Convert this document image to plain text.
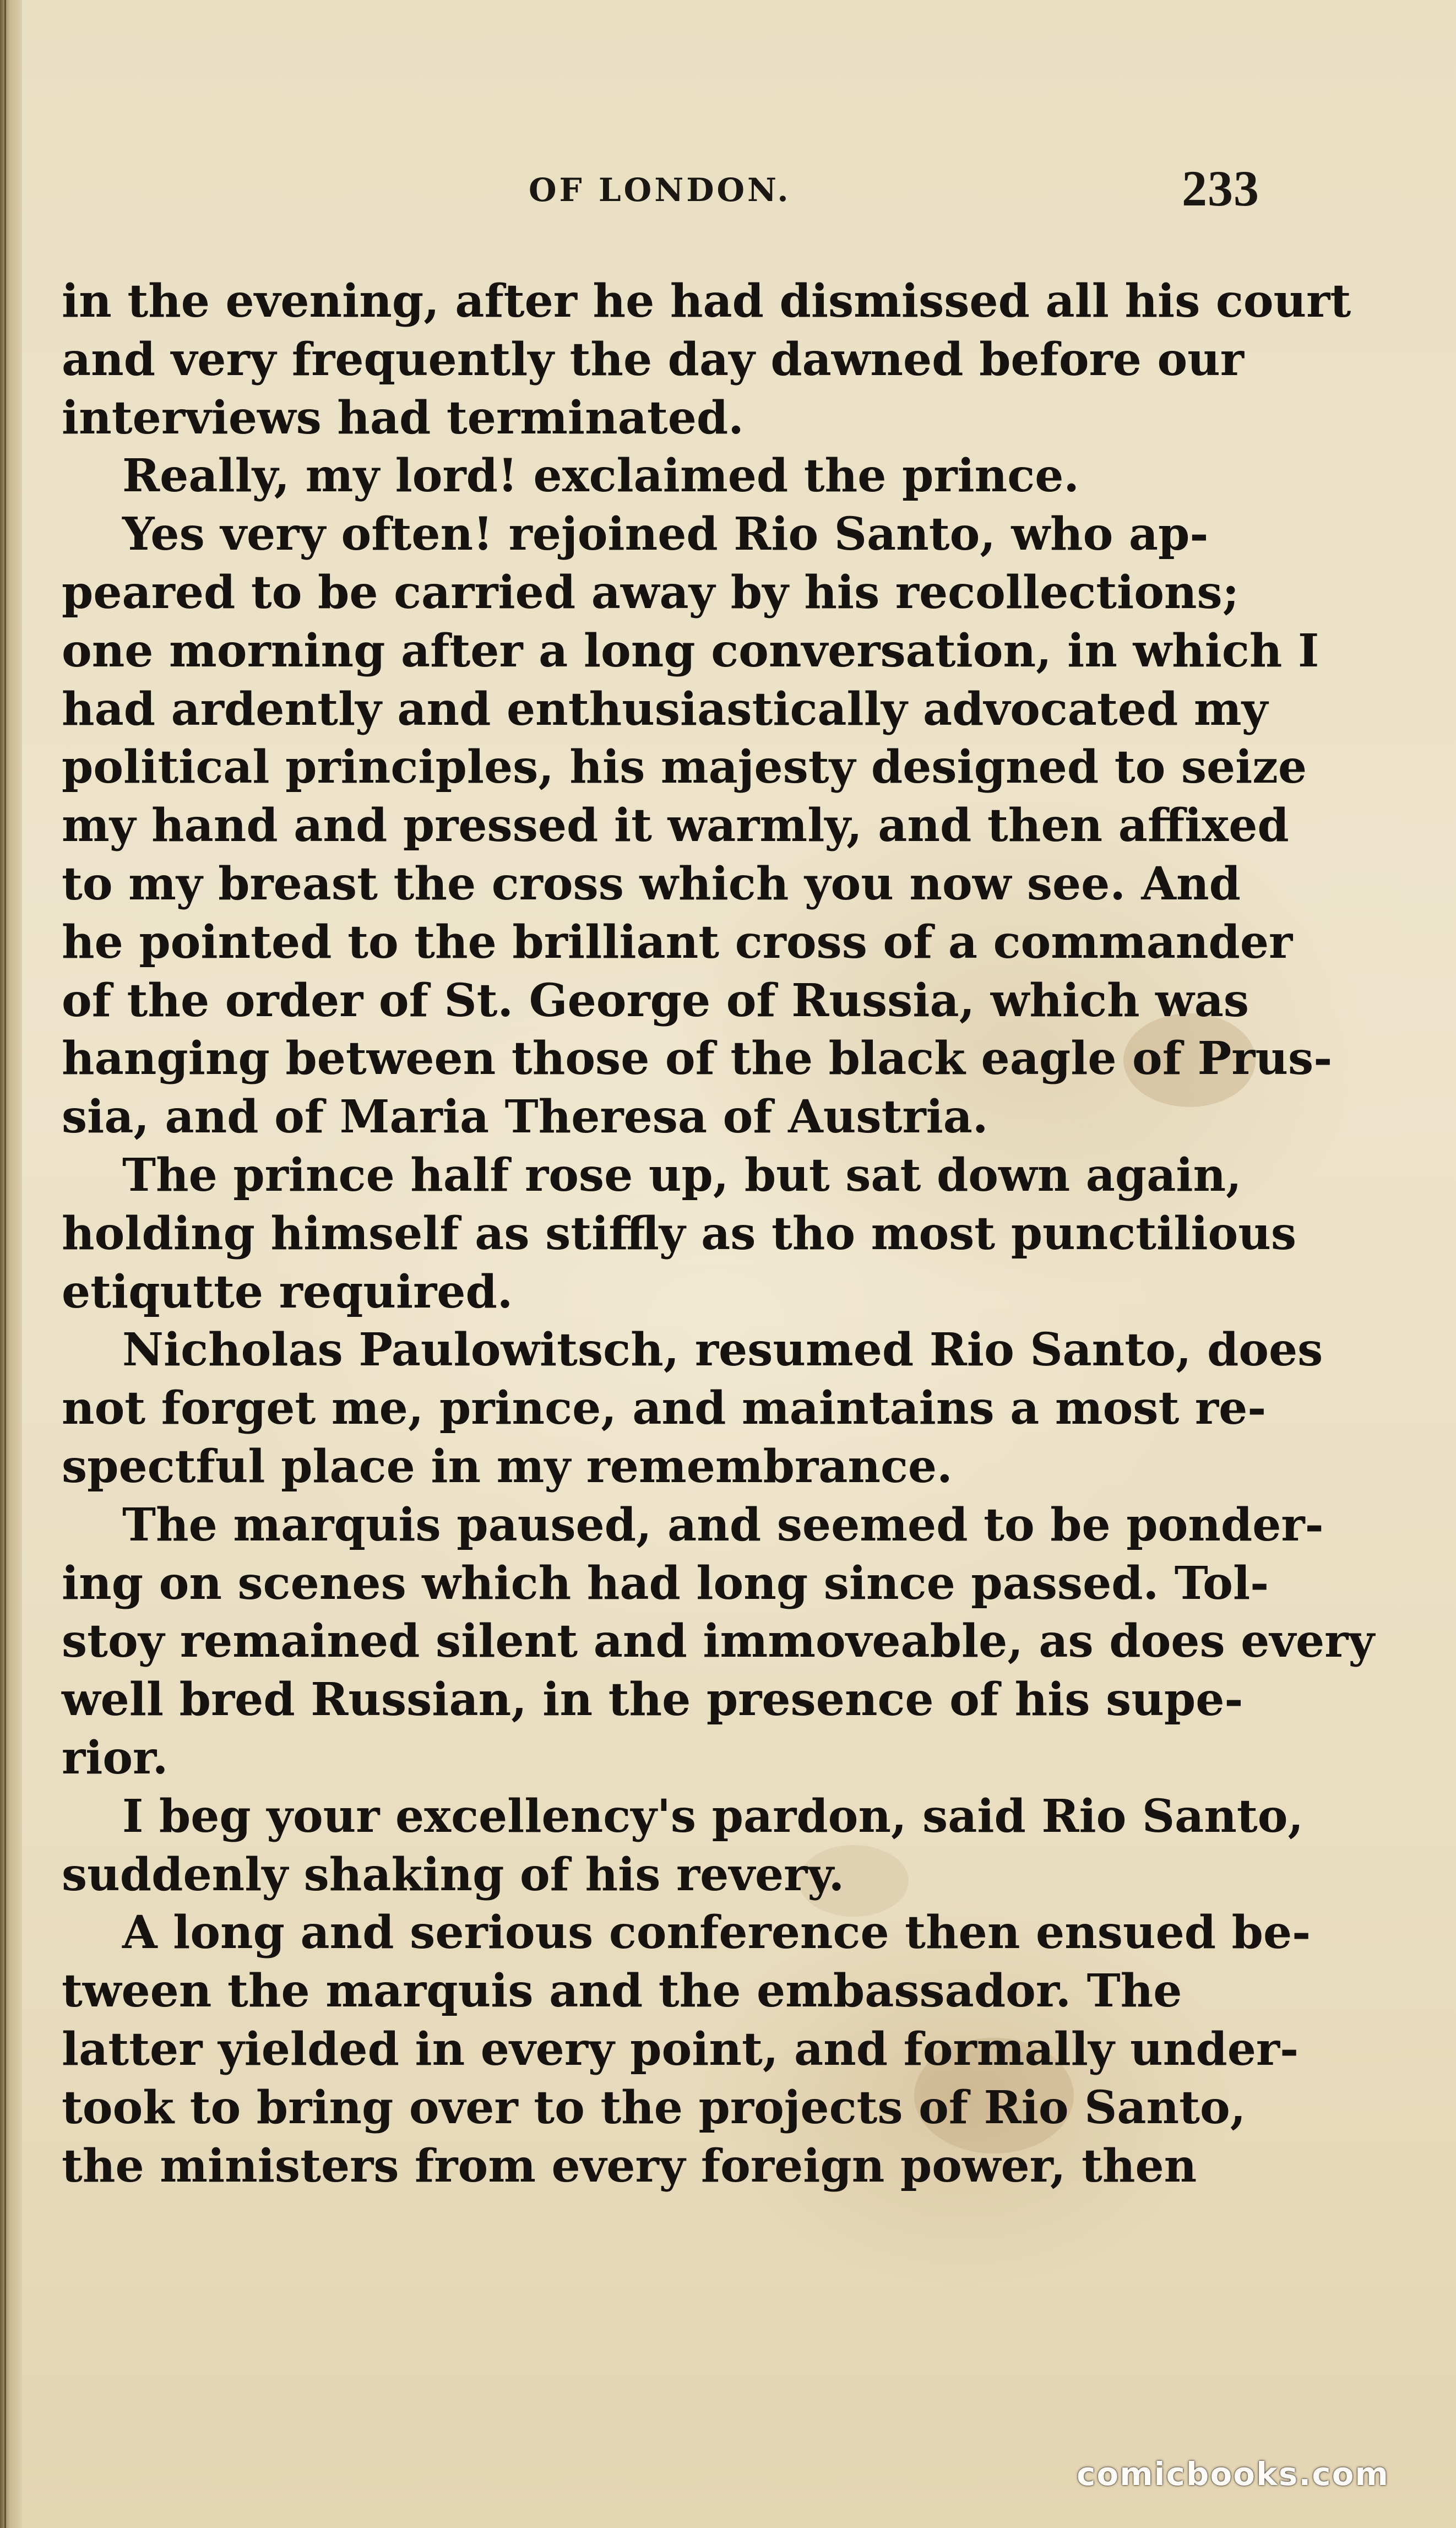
OF LONDON.	233
in the evening, after he had dismissed all his court
and very frequently the day dawned before our
interviews had terminated.
Really, my lord! exclaimed the prince.
Yes very often! rejoined Rio Santo, who ap-
peared to be carried away by his recollections;
one morning after a long conversation, in which I
had ardently and enthusiastically advocated my
political principles, his majesty designed to seize
my hand and pressed it warmly, and then affixed
to my breast the cross which you now see. And
he pointed to the brilliant cross of a commander
of the order of St. George of Russia, which was
hanging between those of the black eagle of Prus-
sia, and of Maria Theresa of Austria.
The prince half rose up, but sat down again,
holding himself as stiffly as tho most punctilious
etiqutte required.
Nicholas Paulowitsch, resumed Rio Santo, does
not forget me, prince, and maintains a most re-
spectful place in my remembrance.
The marquis paused, and seemed to be ponder-
ing on scenes which had long since passed. Tol-
stoy remained silent and immoveable, as does every
well bred Russian, in the presence of his supe-
rior.
I beg your excellency's pardon, said Rio Santo,
suddenly shaking of his revery.
A long and serious conference then ensued be-
tween the marquis and the embassador. The
latter yielded in every point, and formally under-
took to bring over to the projects of Rio Santo,
the ministers from every foreign power, then
comicbooks.com
